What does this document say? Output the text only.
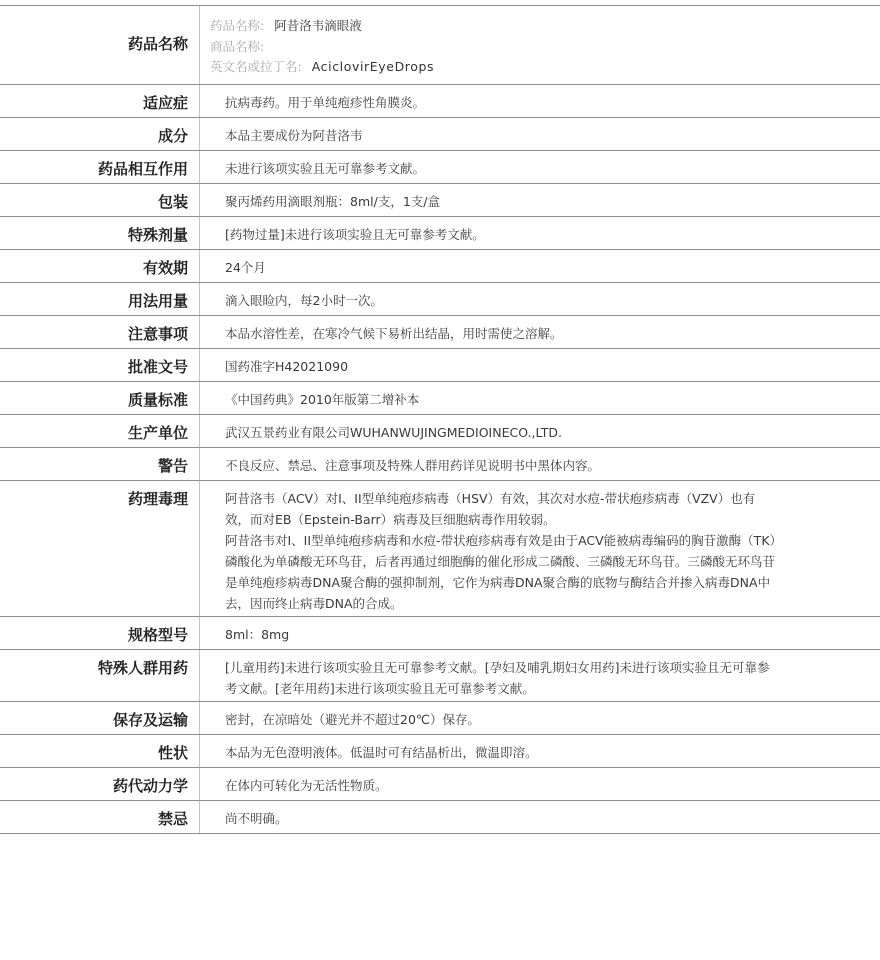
药品名称
药品名称: 阿昔洛韦滴眼液
商品名称:
英文名或拉丁名: AciclovirEyeDrops
适应症	抗病毒药。用于单纯疱疹性角膜炎。

成分	本品主要成份为阿昔洛韦

药品相互作用	未进行该项实验且无可靠参考文献。

包装	聚丙烯药用滴眼剂瓶：8ml/支，1支/盒

特殊剂量	[药物过量]未进行该项实验且无可靠参考文献。

有效期	24个月

用法用量	滴入眼睑内，每2小时一次。

注意事项	本品水溶性差，在寒冷气候下易析出结晶，用时需使之溶解。

批准文号	国药准字H42021090

质量标准	《中国药典》2010年版第二增补本

生产单位	武汉五景药业有限公司WUHANWUJINGMEDIOINECO.,LTD.

警告	不良反应、禁忌、注意事项及特殊人群用药详见说明书中黑体内容。

药理毒理	阿昔洛韦（ACV）对I、II型单纯疱疹病毒（HSV）有效，其次对水痘-带状疱疹病毒（VZV）也有效，而对EB（Epstein-Barr）病毒及巨细胞病毒作用较弱。

阿昔洛韦对I、II型单纯疱疹病毒和水痘-带状疱疹病毒有效是由于ACV能被病毒编码的胸苷激酶（TK）磷酸化为单磷酸无环鸟苷，后者再通过细胞酶的催化形成二磷酸、三磷酸无环鸟苷。三磷酸无环鸟苷是单纯疱疹病毒DNA聚合酶的强抑制剂，它作为病毒DNA聚合酶的底物与酶结合并掺入病毒DNA中去，因而终止病毒DNA的合成。

规格型号	8ml：8mg

特殊人群用药	[儿童用药]未进行该项实验且无可靠参考文献。[孕妇及哺乳期妇女用药]未进行该项实验且无可靠参考文献。[老年用药]未进行该项实验且无可靠参考文献。

保存及运输	密封，在凉暗处（避光并不超过20℃）保存。

性状	本品为无色澄明液体。低温时可有结晶析出，微温即溶。

药代动力学	在体内可转化为无活性物质。

禁忌	尚不明确。
